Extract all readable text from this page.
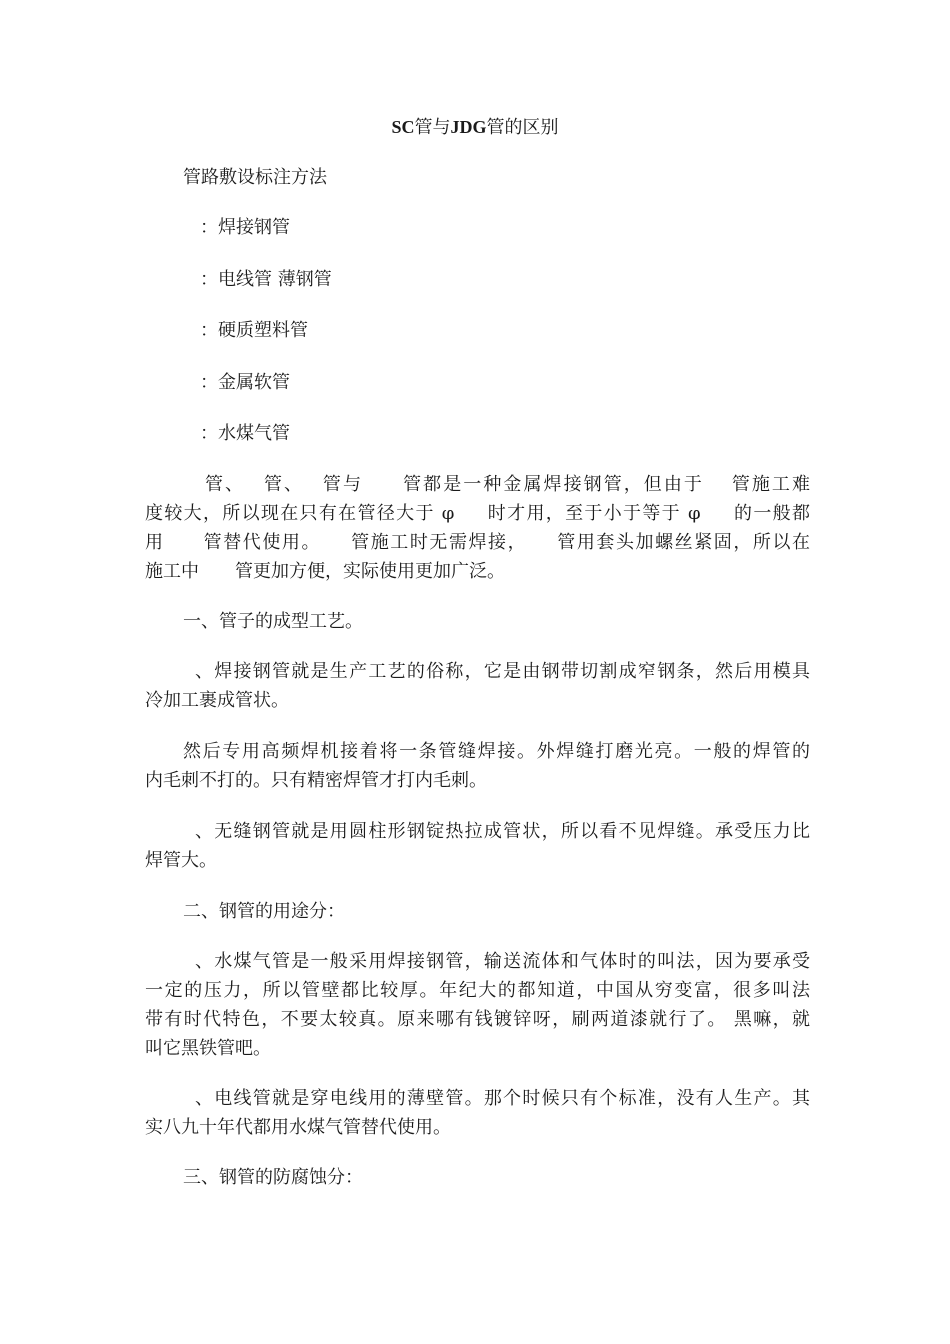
SC管与JDG管的区别
管路敷设标注方法
：焊接钢管
：电线管 薄钢管
：硬质塑料管
：金属软管
：水煤气管
管、　 管、　 管与　　管都是一种金属焊接钢管，但由于　 管施工难
度较大，所以现在只有在管径大于 φ 　 时才用，至于小于等于 φ 　 的一般都
用　　管替代使用。　　管施工时无需焊接，　　管用套头加螺丝紧固，所以在
施工中　　管更加方便，实际使用更加广泛。
一、管子的成型工艺。
、焊接钢管就是生产工艺的俗称，它是由钢带切割成窄钢条，然后用模具
冷加工裹成管状。
然后专用高频焊机接着将一条管缝焊接。外焊缝打磨光亮。一般的焊管的
内毛刺不打的。只有精密焊管才打内毛刺。
、无缝钢管就是用圆柱形钢锭热拉成管状，所以看不见焊缝。承受压力比
焊管大。
二、钢管的用途分：
、水煤气管是一般采用焊接钢管，输送流体和气体时的叫法，因为要承受
一定的压力，所以管壁都比较厚。年纪大的都知道，中国从穷变富，很多叫法
带有时代特色，不要太较真。原来哪有钱镀锌呀，刷两道漆就行了。 黑嘛，就
叫它黑铁管吧。
、电线管就是穿电线用的薄壁管。那个时候只有个标准，没有人生产。其
实八九十年代都用水煤气管替代使用。
三、钢管的防腐蚀分：
